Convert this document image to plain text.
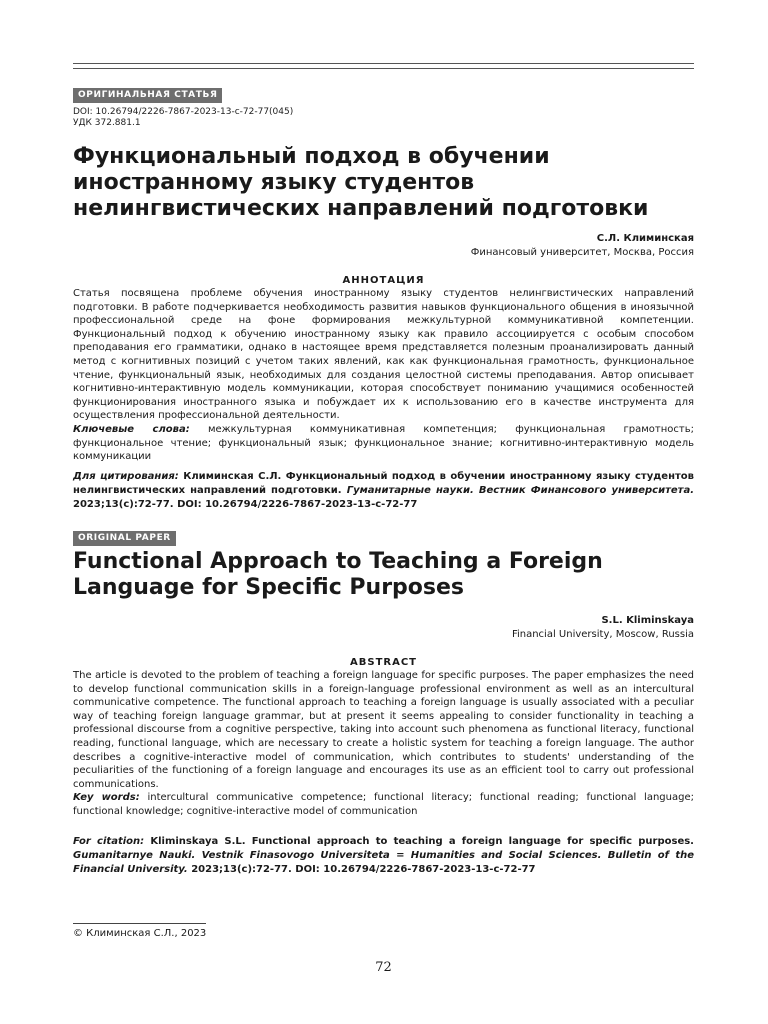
ОРИГИНАЛЬНАЯ СТАТЬЯ
DOI: 10.26794/2226-7867-2023-13-c-72-77(045)
УДК 372.881.1
Функциональный подход в обучении иностранному языку студентов нелингвистических направлений подготовки
С.Л. Климинская
Финансовый университет, Москва, Россия
АННОТАЦИЯ

Статья посвящена проблеме обучения иностранному языку студентов нелингвистических направлений подготовки. В работе подчеркивается необходимость развития навыков функционального общения в иноязычной профессиональной среде на фоне формирования межкультурной коммуникативной компетенции. Функциональный подход к обучению иностранному языку как правило ассоциируется с особым способом преподавания его грамматики, однако в настоящее время представляется полезным проанализировать данный метод с когнитивных позиций с учетом таких явлений, как как функциональная грамотность, функциональное чтение, функциональный язык, необходимых для создания целостной системы преподавания. Автор описывает когнитивно-интерактивную модель коммуникации, которая способствует пониманию учащимися особенностей функционирования иностранного языка и побуждает их к использованию его в качестве инструмента для осуществления профессиональной деятельности.

Ключевые слова: межкультурная коммуникативная компетенция; функциональная грамотность; функциональное чтение; функциональный язык; функциональное знание; когнитивно-интерактивную модель коммуникации

Для цитирования: Климинская С.Л. Функциональный подход в обучении иностранному языку студентов нелингвистических направлений подготовки. Гуманитарные науки. Вестник Финансового университета. 2023;13(c):72-77. DOI: 10.26794/2226-7867-2023-13-c-72-77

ORIGINAL PAPER
Functional Approach to Teaching a Foreign Language for Specific Purposes
S.L. Kliminskaya
Financial University, Moscow, Russia
ABSTRACT

The article is devoted to the problem of teaching a foreign language for specific purposes. The paper emphasizes the need to develop functional communication skills in a foreign-language professional environment as well as an intercultural communicative competence. The functional approach to teaching a foreign language is usually associated with a peculiar way of teaching foreign language grammar, but at present it seems appealing to consider functionality in teaching a professional discourse from a cognitive perspective, taking into account such phenomena as functional literacy, functional reading, functional language, which are necessary to create a holistic system for teaching a foreign language. The author describes a cognitive-interactive model of communication, which contributes to students' understanding of the peculiarities of the functioning of a foreign language and encourages its use as an efficient tool to carry out professional communications.

Key words: intercultural communicative competence; functional literacy; functional reading; functional language; functional knowledge; cognitive-interactive model of communication

For citation: Kliminskaya S.L. Functional approach to teaching a foreign language for specific purposes. Gumanitarnye Nauki. Vestnik Finasovogo Universiteta = Humanities and Social Sciences. Bulletin of the Financial University. 2023;13(c):72-77. DOI: 10.26794/2226-7867-2023-13-c-72-77

© Климинская С.Л., 2023
72
